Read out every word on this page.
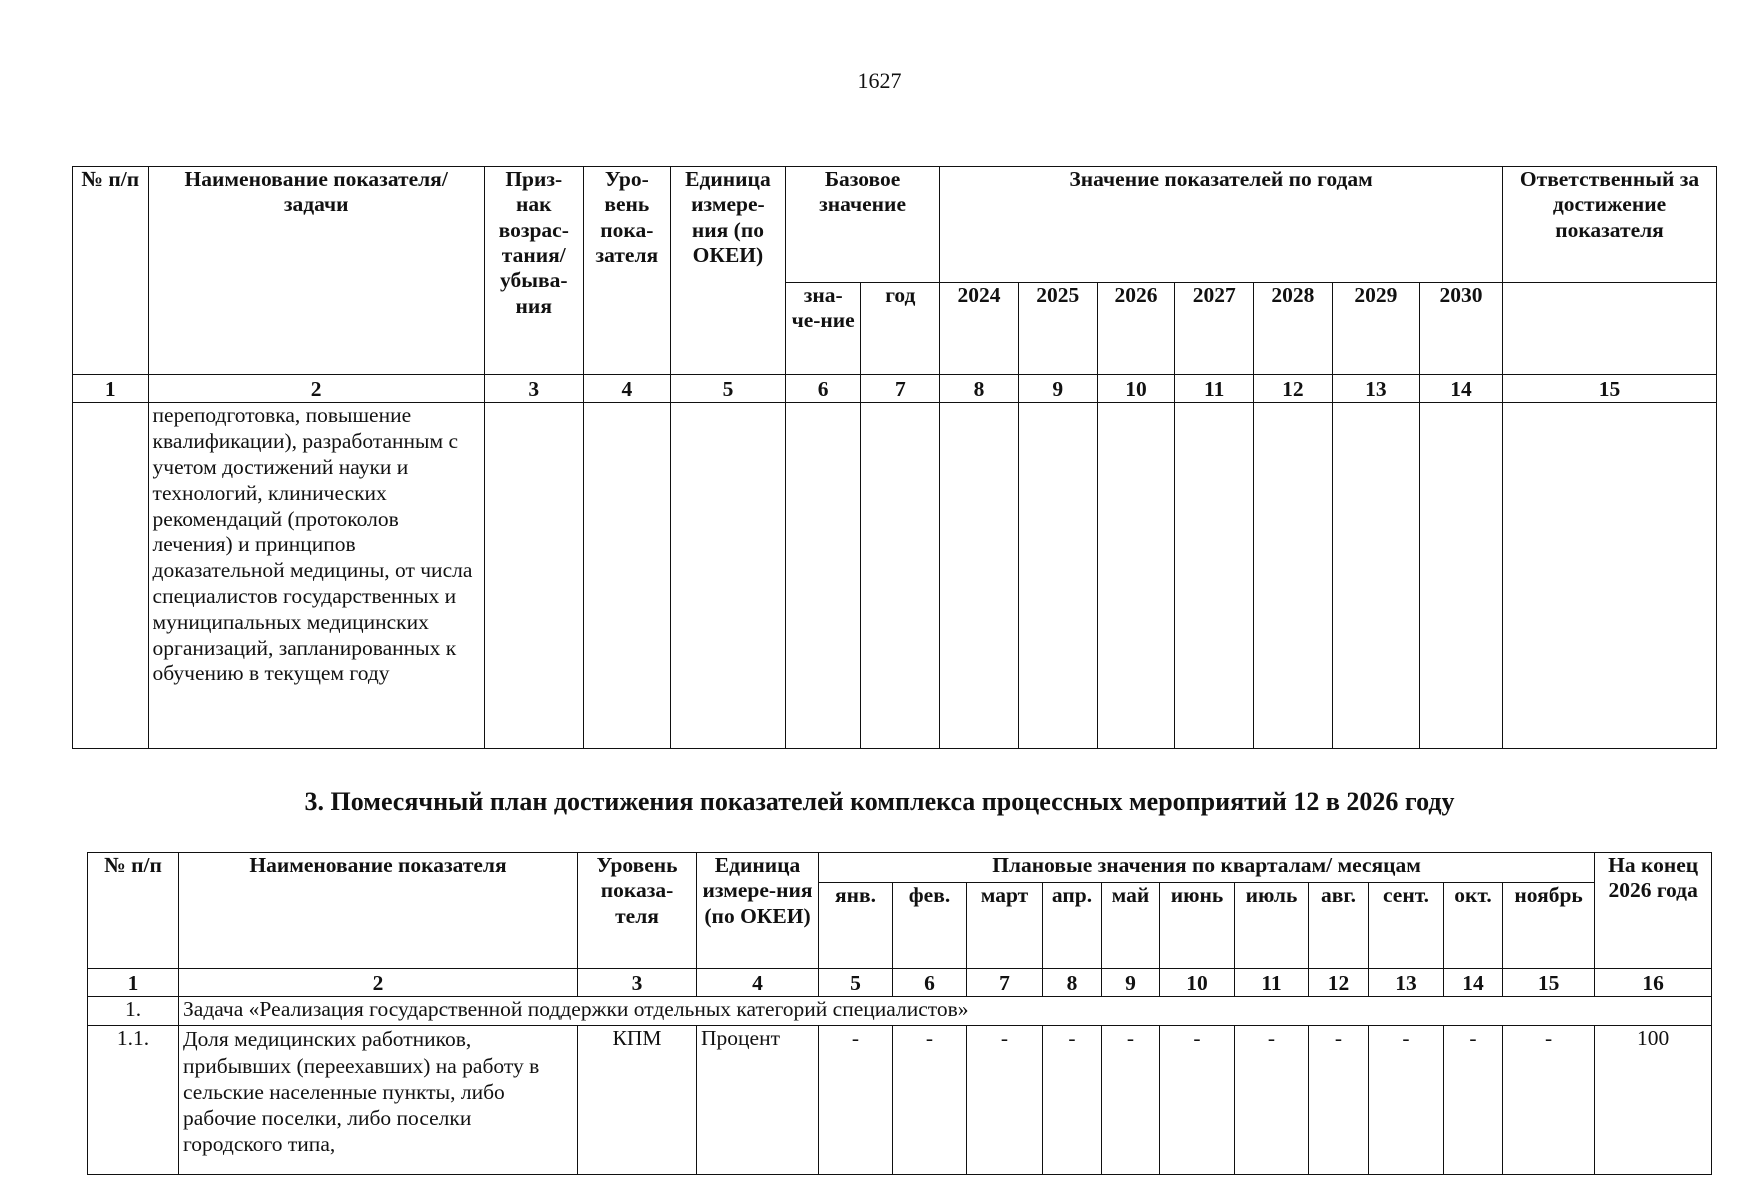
1627
№ п/п	Наименование показателя/ задачи	Приз-нак возрас-тания/ убыва-ния	Уро-вень пока-зателя	Единица измере-ния (по ОКЕИ)	Базовое значение		Значение показателей по годам							Ответственный за достижение показателя
					зна-че-ние	год	2024	2025	2026	2027	2028	2029	2030	
1	2	3	4	5	6	7	8	9	10	11	12	13	14	15
	переподготовка, повышение квалификации), разработанным с учетом достижений науки и технологий, клинических рекомендаций (протоколов лечения) и принципов доказательной медицины, от числа специалистов государственных и муниципальных медицинских организаций, запланированных к обучению в текущем году													
3. Помесячный план достижения показателей комплекса процессных мероприятий 12 в 2026 году
№ п/п	Наименование показателя	Уровень показа-теля	Единица измере-ния (по ОКЕИ)	Плановые значения по кварталам/ месяцам											На конец 2026 года
				янв.	фев.	март	апр.	май	июнь	июль	авг.	сент.	окт.	ноябрь	
1	2	3	4	5	6	7	8	9	10	11	12	13	14	15	16
1.	Задача «Реализация государственной поддержки отдельных категорий специалистов»														
1.1.	Доля медицинских работников, прибывших (переехавших) на работу в сельские населенные пункты, либо рабочие поселки, либо поселки городского типа,	КПМ	Процент	-	-	-	-	-	-	-	-	-	-	-	100
